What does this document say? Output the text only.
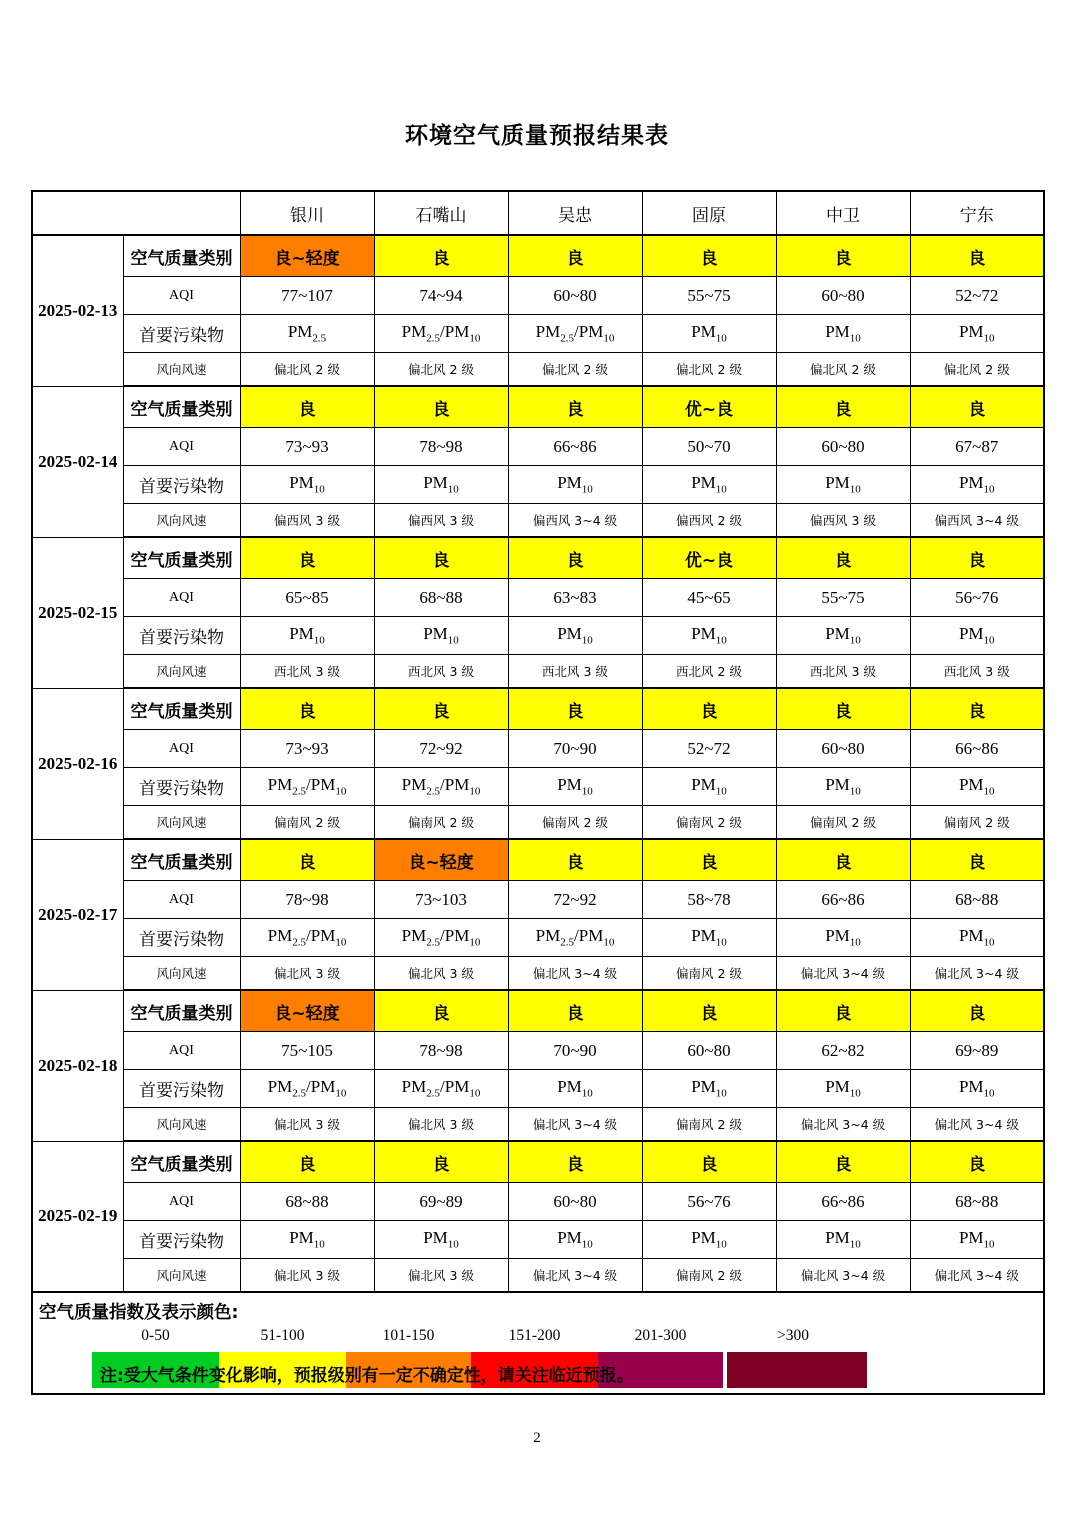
环境空气质量预报结果表
		银川	石嘴山	吴忠	固原	中卫	宁东
2025-02-13	空气质量类别	良~轻度	良	良	良	良	良
	AQI	77~107	74~94	60~80	55~75	60~80	52~72
	首要污染物	$PM_{2.5}$	$PM_{2.5}/PM_{10}$	$PM_{2.5}/PM_{10}$	$PM_{10}$	$PM_{10}$	$PM_{10}$
	风向风速	偏北风 2 级	偏北风 2 级	偏北风 2 级	偏北风 2 级	偏北风 2 级	偏北风 2 级
2025-02-14	空气质量类别	良	良	良	优~良	良	良
	AQI	73~93	78~98	66~86	50~70	60~80	67~87
	首要污染物	$PM_{10}$	$PM_{10}$	$PM_{10}$	$PM_{10}$	$PM_{10}$	$PM_{10}$
	风向风速	偏西风 3 级	偏西风 3 级	偏西风 3~4 级	偏西风 2 级	偏西风 3 级	偏西风 3~4 级
2025-02-15	空气质量类别	良	良	良	优~良	良	良
	AQI	65~85	68~88	63~83	45~65	55~75	56~76
	首要污染物	$PM_{10}$	$PM_{10}$	$PM_{10}$	$PM_{10}$	$PM_{10}$	$PM_{10}$
	风向风速	西北风 3 级	西北风 3 级	西北风 3 级	西北风 2 级	西北风 3 级	西北风 3 级
2025-02-16	空气质量类别	良	良	良	良	良	良
	AQI	73~93	72~92	70~90	52~72	60~80	66~86
	首要污染物	$PM_{2.5}/PM_{10}$	$PM_{2.5}/PM_{10}$	$PM_{10}$	$PM_{10}$	$PM_{10}$	$PM_{10}$
	风向风速	偏南风 2 级	偏南风 2 级	偏南风 2 级	偏南风 2 级	偏南风 2 级	偏南风 2 级
2025-02-17	空气质量类别	良	良~轻度	良	良	良	良
	AQI	78~98	73~103	72~92	58~78	66~86	68~88
	首要污染物	$PM_{2.5}/PM_{10}$	$PM_{2.5}/PM_{10}$	$PM_{2.5}/PM_{10}$	$PM_{10}$	$PM_{10}$	$PM_{10}$
	风向风速	偏北风 3 级	偏北风 3 级	偏北风 3~4 级	偏南风 2 级	偏北风 3~4 级	偏北风 3~4 级
2025-02-18	空气质量类别	良~轻度	良	良	良	良	良
	AQI	75~105	78~98	70~90	60~80	62~82	69~89
	首要污染物	$PM_{2.5}/PM_{10}$	$PM_{2.5}/PM_{10}$	$PM_{10}$	$PM_{10}$	$PM_{10}$	$PM_{10}$
	风向风速	偏北风 3 级	偏北风 3 级	偏北风 3~4 级	偏南风 2 级	偏北风 3~4 级	偏北风 3~4 级
2025-02-19	空气质量类别	良	良	良	良	良	良
	AQI	68~88	69~89	60~80	56~76	66~86	68~88
	首要污染物	$PM_{10}$	$PM_{10}$	$PM_{10}$	$PM_{10}$	$PM_{10}$	$PM_{10}$
	风向风速	偏北风 3 级	偏北风 3 级	偏北风 3~4 级	偏南风 2 级	偏北风 3~4 级	偏北风 3~4 级

空气质量指数及表示颜色:
0-50	51-100	101-150	151-200	201-300	>300
注:受大气条件变化影响，预报级别有一定不确定性，请关注临近预报。
2
